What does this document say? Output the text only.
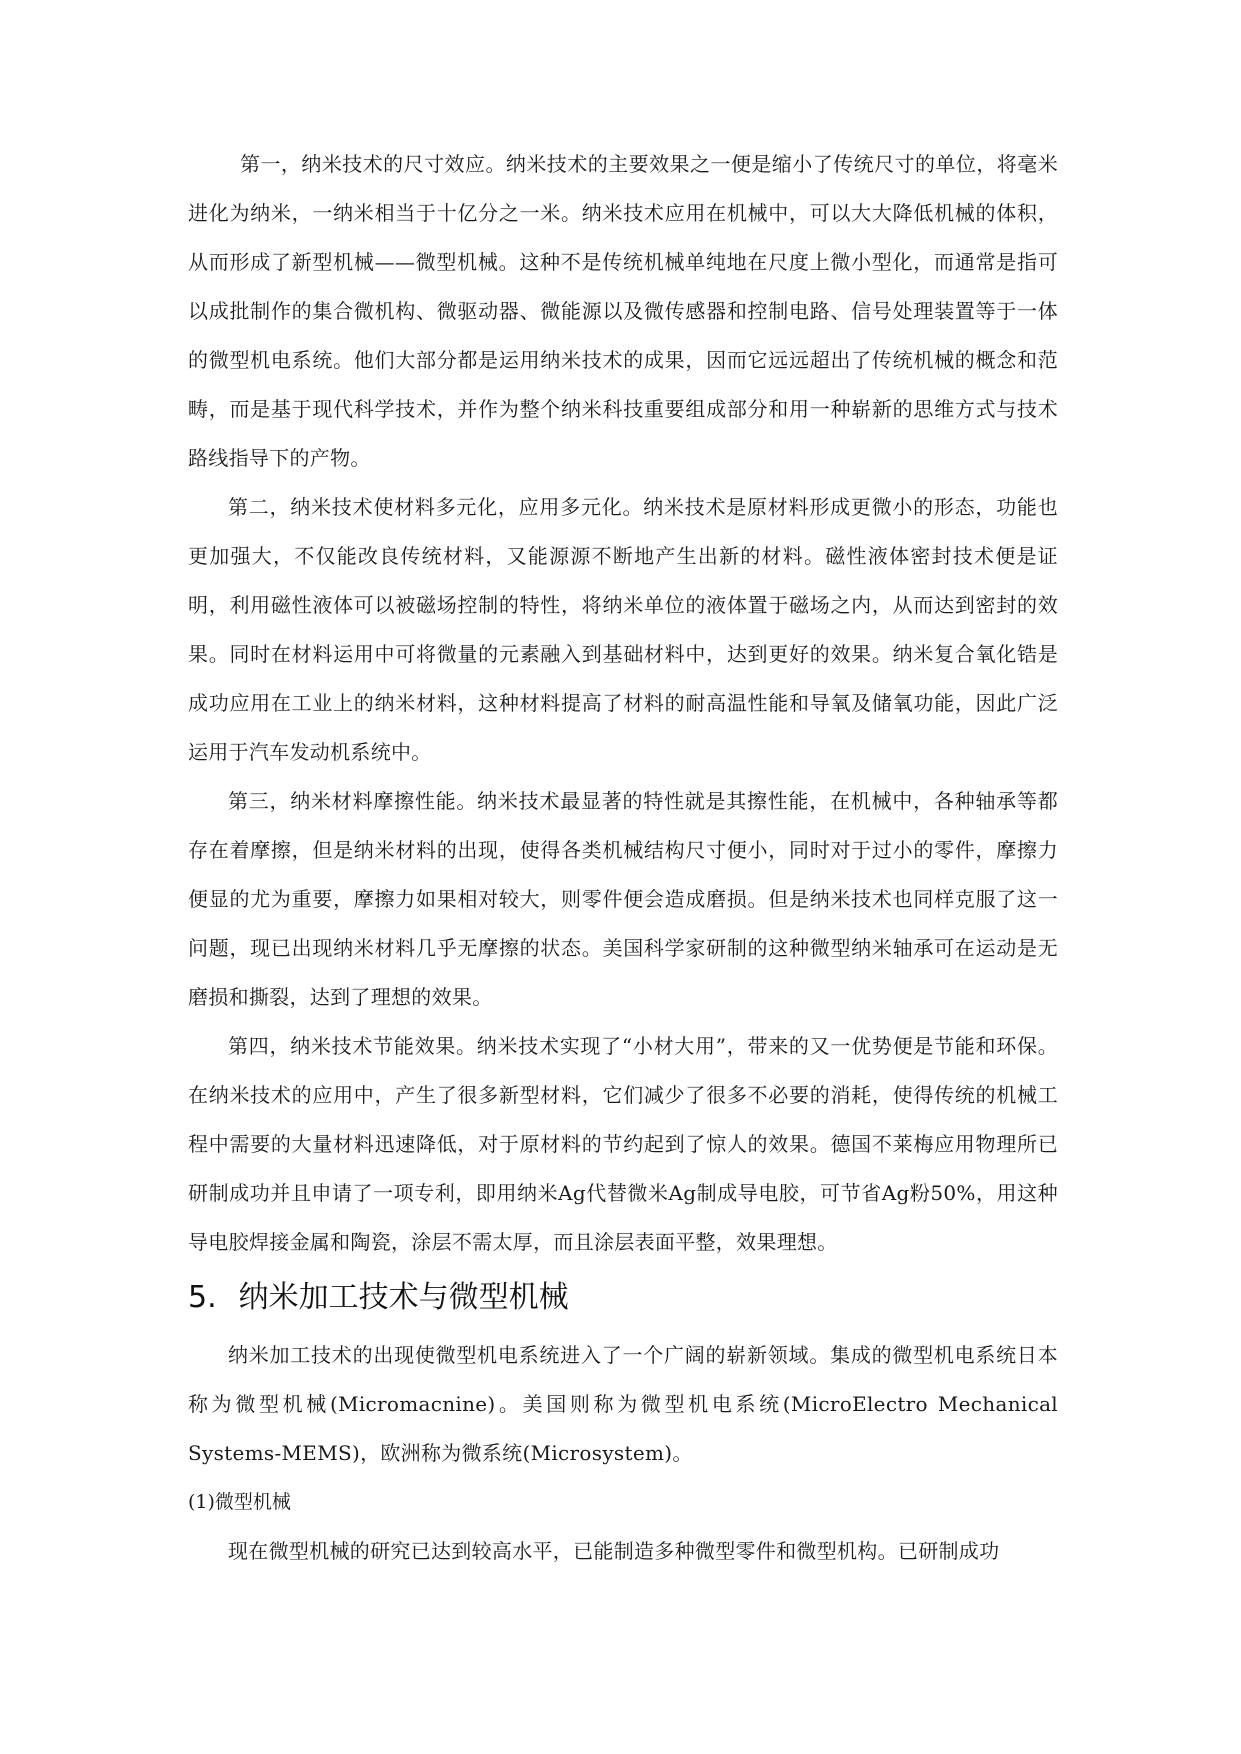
第一，纳米技术的尺寸效应。纳米技术的主要效果之一便是缩小了传统尺寸的单位，将毫米进化为纳米，一纳米相当于十亿分之一米。纳米技术应用在机械中，可以大大降低机械的体积，从而形成了新型机械——微型机械。这种不是传统机械单纯地在尺度上微小型化，而通常是指可以成批制作的集合微机构、微驱动器、微能源以及微传感器和控制电路、信号处理装置等于一体的微型机电系统。他们大部分都是运用纳米技术的成果，因而它远远超出了传统机械的概念和范畴，而是基于现代科学技术，并作为整个纳米科技重要组成部分和用一种崭新的思维方式与技术路线指导下的产物。

第二，纳米技术使材料多元化，应用多元化。纳米技术是原材料形成更微小的形态，功能也更加强大，不仅能改良传统材料，又能源源不断地产生出新的材料。磁性液体密封技术便是证明，利用磁性液体可以被磁场控制的特性，将纳米单位的液体置于磁场之内，从而达到密封的效果。同时在材料运用中可将微量的元素融入到基础材料中，达到更好的效果。纳米复合氧化锆是成功应用在工业上的纳米材料，这种材料提高了材料的耐高温性能和导氧及储氧功能，因此广泛运用于汽车发动机系统中。

第三，纳米材料摩擦性能。纳米技术最显著的特性就是其擦性能，在机械中，各种轴承等都存在着摩擦，但是纳米材料的出现，使得各类机械结构尺寸便小，同时对于过小的零件，摩擦力便显的尤为重要，摩擦力如果相对较大，则零件便会造成磨损。但是纳米技术也同样克服了这一问题，现已出现纳米材料几乎无摩擦的状态。美国科学家研制的这种微型纳米轴承可在运动是无磨损和撕裂，达到了理想的效果。

第四，纳米技术节能效果。纳米技术实现了“小材大用”，带来的又一优势便是节能和环保。在纳米技术的应用中，产生了很多新型材料，它们减少了很多不必要的消耗，使得传统的机械工程中需要的大量材料迅速降低，对于原材料的节约起到了惊人的效果。德国不莱梅应用物理所已研制成功并且申请了一项专利，即用纳米Ag代替微米Ag制成导电胶，可节省Ag粉50%，用这种导电胶焊接金属和陶瓷，涂层不需太厚，而且涂层表面平整，效果理想。

5. 纳米加工技术与微型机械

纳米加工技术的出现使微型机电系统进入了一个广阔的崭新领域。集成的微型机电系统日本称为微型机械(Micromacnine)。美国则称为微型机电系统(MicroElectro Mechanical Systems-MEMS)，欧洲称为微系统(Microsystem)。

(1)微型机械

现在微型机械的研究已达到较高水平，已能制造多种微型零件和微型机构。已研制成功
